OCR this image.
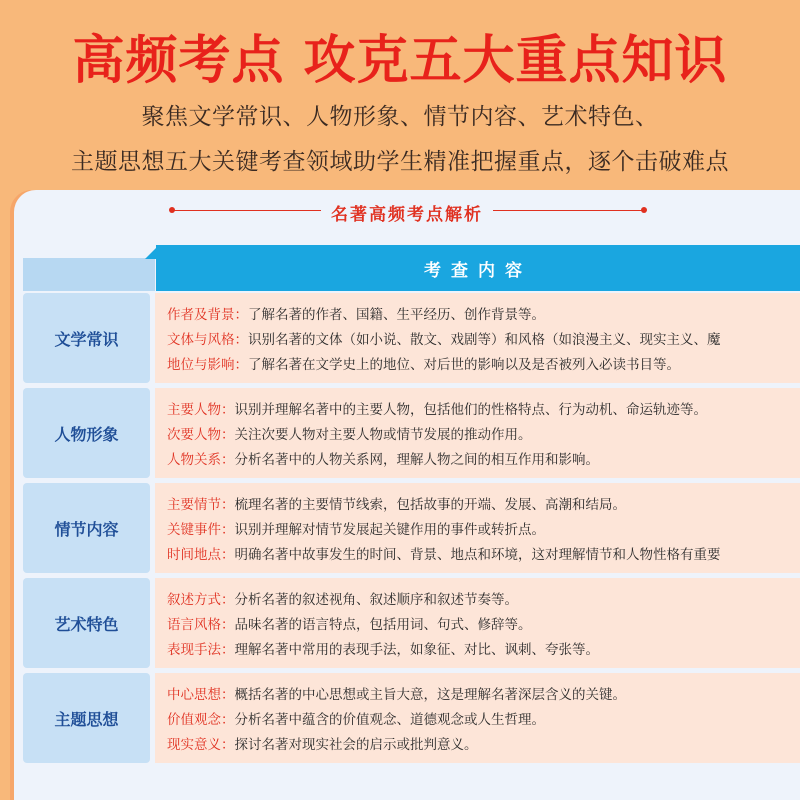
高频考点 攻克五大重点知识
聚焦文学常识、人物形象、情节内容、艺术特色、
主题思想五大关键考查领域助学生精准把握重点，逐个击破难点
名著高频考点解析
考查内容
文学常识
作者及背景：了解名著的作者、国籍、生平经历、创作背景等。
文体与风格：识别名著的文体（如小说、散文、戏剧等）和风格（如浪漫主义、现实主义、魔
地位与影响：了解名著在文学史上的地位、对后世的影响以及是否被列入必读书目等。
人物形象
主要人物：识别并理解名著中的主要人物，包括他们的性格特点、行为动机、命运轨迹等。
次要人物：关注次要人物对主要人物或情节发展的推动作用。
人物关系：分析名著中的人物关系网，理解人物之间的相互作用和影响。
情节内容
主要情节：梳理名著的主要情节线索，包括故事的开端、发展、高潮和结局。
关键事件：识别并理解对情节发展起关键作用的事件或转折点。
时间地点：明确名著中故事发生的时间、背景、地点和环境，这对理解情节和人物性格有重要
艺术特色
叙述方式：分析名著的叙述视角、叙述顺序和叙述节奏等。
语言风格：品味名著的语言特点，包括用词、句式、修辞等。
表现手法：理解名著中常用的表现手法，如象征、对比、讽刺、夸张等。
主题思想
中心思想：概括名著的中心思想或主旨大意，这是理解名著深层含义的关键。
价值观念：分析名著中蕴含的价值观念、道德观念或人生哲理。
现实意义：探讨名著对现实社会的启示或批判意义。
